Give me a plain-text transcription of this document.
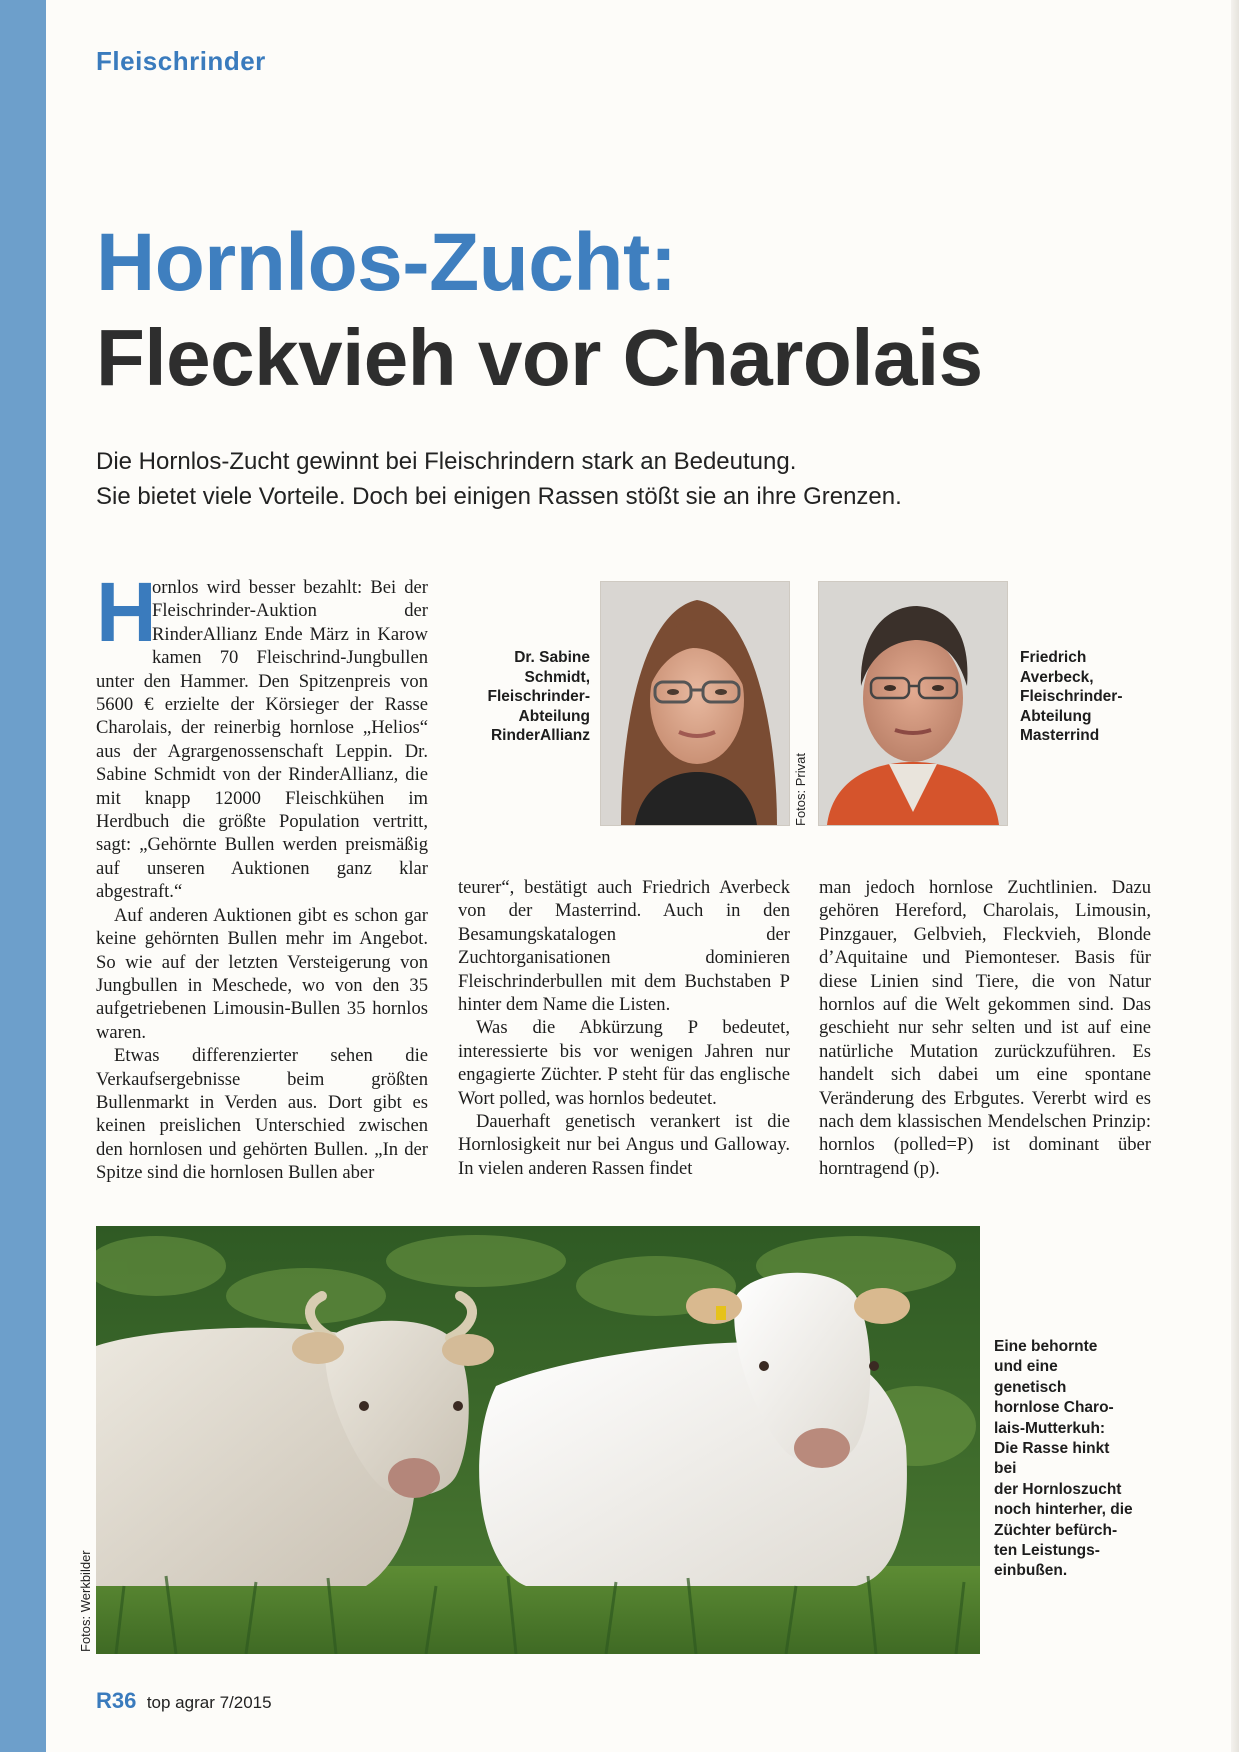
Fleischrinder
Hornlos-Zucht:
Fleckvieh vor Charolais

Die Hornlos-Zucht gewinnt bei Fleischrindern stark an Bedeutung.
Sie bietet viele Vorteile. Doch bei einigen Rassen stößt sie an ihre Grenzen.

H
ornlos wird besser bezahlt: Bei der Fleischrinder-Auktion der RinderAllianz Ende März in Karow kamen 70 Fleischrind-Jungbullen unter den Hammer. Den Spitzenpreis von 5600 € erzielte der Körsieger der Rasse Charolais, der reinerbig hornlose „Helios“ aus der Agrargenossenschaft Leppin. Dr. Sabine Schmidt von der RinderAllianz, die mit knapp 12000 Fleischkühen im Herdbuch die größte Population vertritt, sagt: „Gehörnte Bullen werden preismäßig auf unseren Auktionen ganz klar abgestraft.“

Auf anderen Auktionen gibt es schon gar keine gehörnten Bullen mehr im Angebot. So wie auf der letzten Versteigerung von Jungbullen in Meschede, wo von den 35 aufgetriebenen Limousin-Bullen 35 hornlos waren.

Etwas differenzierter sehen die Verkaufsergebnisse beim größten Bullenmarkt in Verden aus. Dort gibt es keinen preislichen Unterschied zwischen den hornlosen und gehörten Bullen. „In der Spitze sind die hornlosen Bullen aber

Dr. Sabine
Schmidt,
Fleischrinder-
Abteilung
RinderAllianz

Fotos: Privat

Friedrich
Averbeck,
Fleischrinder-
Abteilung
Masterrind

teurer“, bestätigt auch Friedrich Averbeck von der Masterrind. Auch in den Besamungskatalogen der Zuchtorganisationen dominieren Fleischrinderbullen mit dem Buchstaben P hinter dem Name die Listen.

Was die Abkürzung P bedeutet, interessierte bis vor wenigen Jahren nur engagierte Züchter. P steht für das englische Wort polled, was hornlos bedeutet.

Dauerhaft genetisch verankert ist die Hornlosigkeit nur bei Angus und Galloway. In vielen anderen Rassen findet

man jedoch hornlose Zuchtlinien. Dazu gehören Hereford, Charolais, Limousin, Pinzgauer, Gelbvieh, Fleckvieh, Blonde d’Aquitaine und Piemonteser. Basis für diese Linien sind Tiere, die von Natur hornlos auf die Welt gekommen sind. Das geschieht nur sehr selten und ist auf eine natürliche Mutation zurückzuführen. Es handelt sich dabei um eine spontane Veränderung des Erbgutes. Vererbt wird es nach dem klassischen Mendelschen Prinzip: hornlos (polled=P) ist dominant über horntragend (p).

Fotos: Werkbilder

Eine behornte
und eine genetisch
hornlose Charo-
lais-Mutterkuh:
Die Rasse hinkt bei
der Hornloszucht
noch hinterher, die
Züchter befürch-
ten Leistungs-
einbußen.

R36 top agrar 7/2015
